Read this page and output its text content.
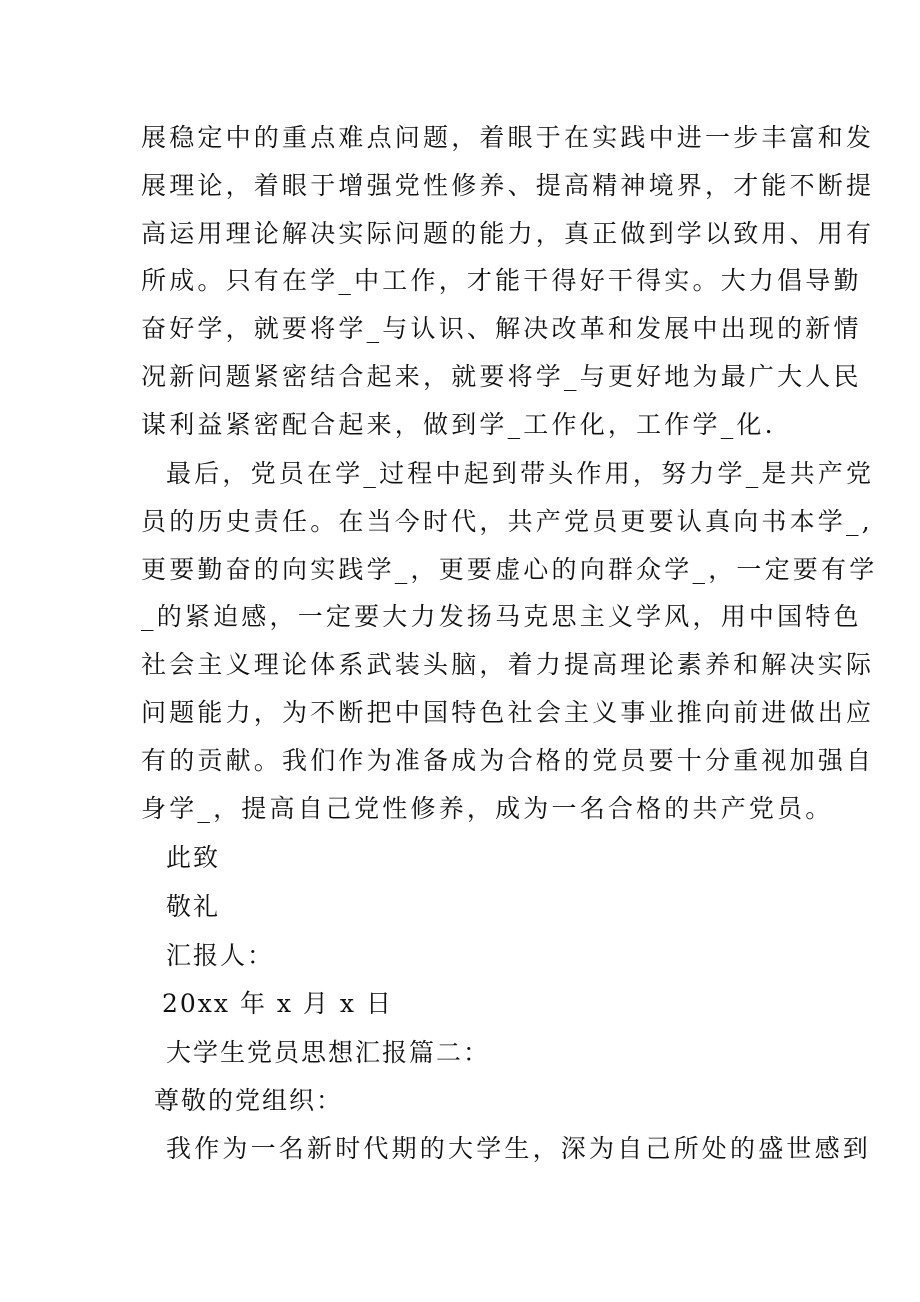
展稳定中的重点难点问题，着眼于在实践中进一步丰富和发
展理论，着眼于增强党性修养、提高精神境界，才能不断提
高运用理论解决实际问题的能力，真正做到学以致用、用有
所成。只有在学_中工作，才能干得好干得实。大力倡导勤
奋好学，就要将学_与认识、解决改革和发展中出现的新情
况新问题紧密结合起来，就要将学_与更好地为最广大人民
谋利益紧密配合起来，做到学_工作化，工作学_化.
最后，党员在学_过程中起到带头作用，努力学_是共产党
员的历史责任。在当今时代，共产党员更要认真向书本学_,
更要勤奋的向实践学_，更要虚心的向群众学_，一定要有学
_的紧迫感，一定要大力发扬马克思主义学风，用中国特色
社会主义理论体系武装头脑，着力提高理论素养和解决实际
问题能力，为不断把中国特色社会主义事业推向前进做出应
有的贡献。我们作为准备成为合格的党员要十分重视加强自
身学_，提高自己党性修养，成为一名合格的共产党员。
此致
敬礼
汇报人：
20xx 年 x 月 x 日
大学生党员思想汇报篇二：
尊敬的党组织：
我作为一名新时代期的大学生，深为自己所处的盛世感到
